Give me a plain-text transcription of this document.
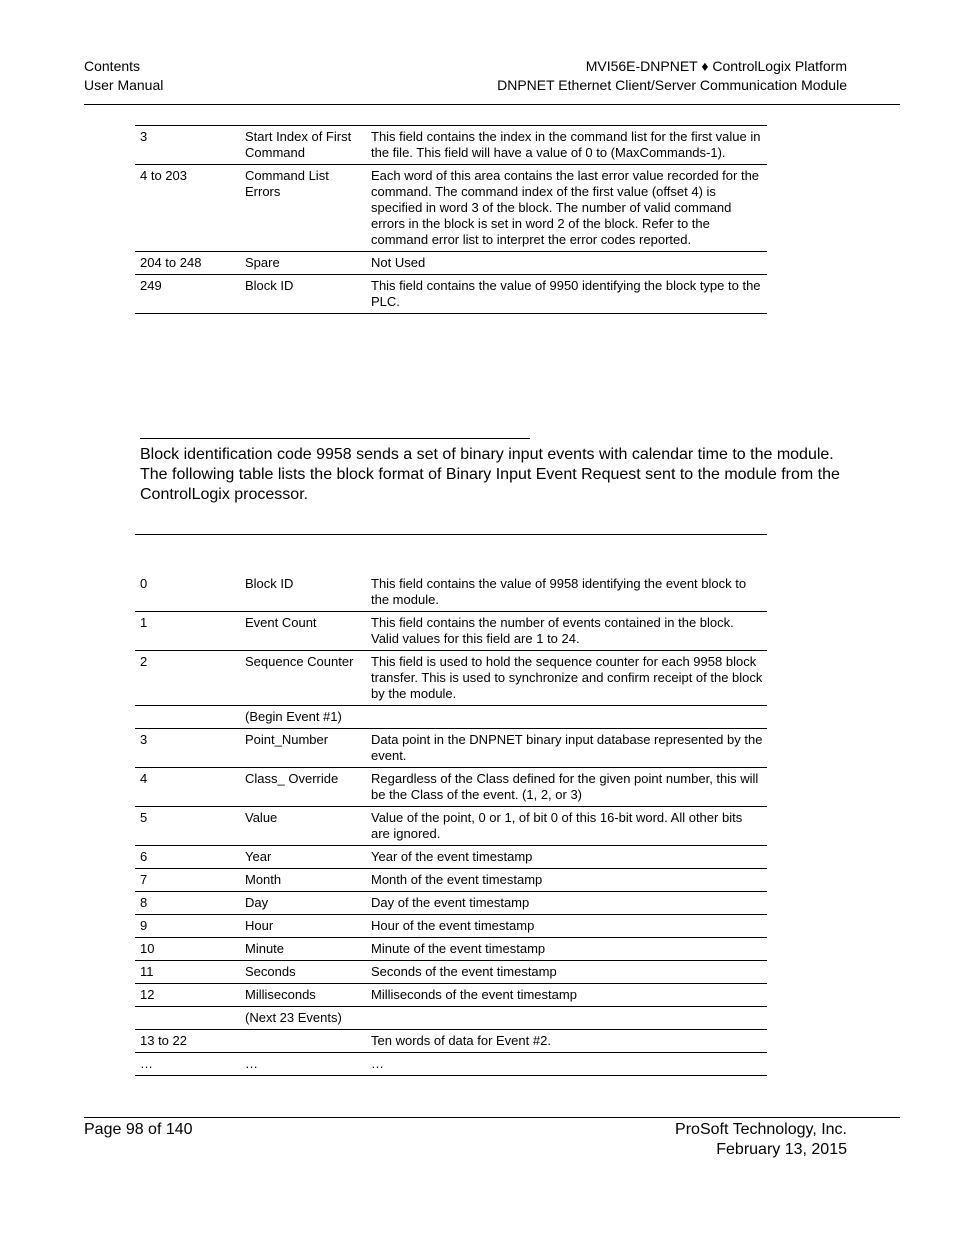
Contents
User Manual
MVI56E-DNPNET ♦ ControlLogix Platform
DNPNET Ethernet Client/Server Communication Module
3	Start Index of First Command	This field contains the index in the command list for the first value in the file. This field will have a value of 0 to (MaxCommands-1).
4 to 203	Command List Errors	Each word of this area contains the last error value recorded for the command. The command index of the first value (offset 4) is specified in word 3 of the block. The number of valid command errors in the block is set in word 2 of the block. Refer to the command error list to interpret the error codes reported.
204 to 248	Spare	Not Used
249	Block ID	This field contains the value of 9950 identifying the block type to the PLC.
Block identification code 9958 sends a set of binary input events with calendar time to the module. The following table lists the block format of Binary Input Event Request sent to the module from the ControlLogix processor.
0	Block ID	This field contains the value of 9958 identifying the event block to the module.
1	Event Count	This field contains the number of events contained in the block. Valid values for this field are 1 to 24.
2	Sequence Counter	This field is used to hold the sequence counter for each 9958 block transfer. This is used to synchronize and confirm receipt of the block by the module.
	(Begin Event #1)	
3	Point_Number	Data point in the DNPNET binary input database represented by the event.
4	Class_ Override	Regardless of the Class defined for the given point number, this will be the Class of the event. (1, 2, or 3)
5	Value	Value of the point, 0 or 1, of bit 0 of this 16-bit word. All other bits are ignored.
6	Year	Year of the event timestamp
7	Month	Month of the event timestamp
8	Day	Day of the event timestamp
9	Hour	Hour of the event timestamp
10	Minute	Minute of the event timestamp
11	Seconds	Seconds of the event timestamp
12	Milliseconds	Milliseconds of the event timestamp
	(Next 23 Events)	
13 to 22		Ten words of data for Event #2.
…	…	…
Page 98 of 140	ProSoft Technology, Inc.
February 13, 2015
